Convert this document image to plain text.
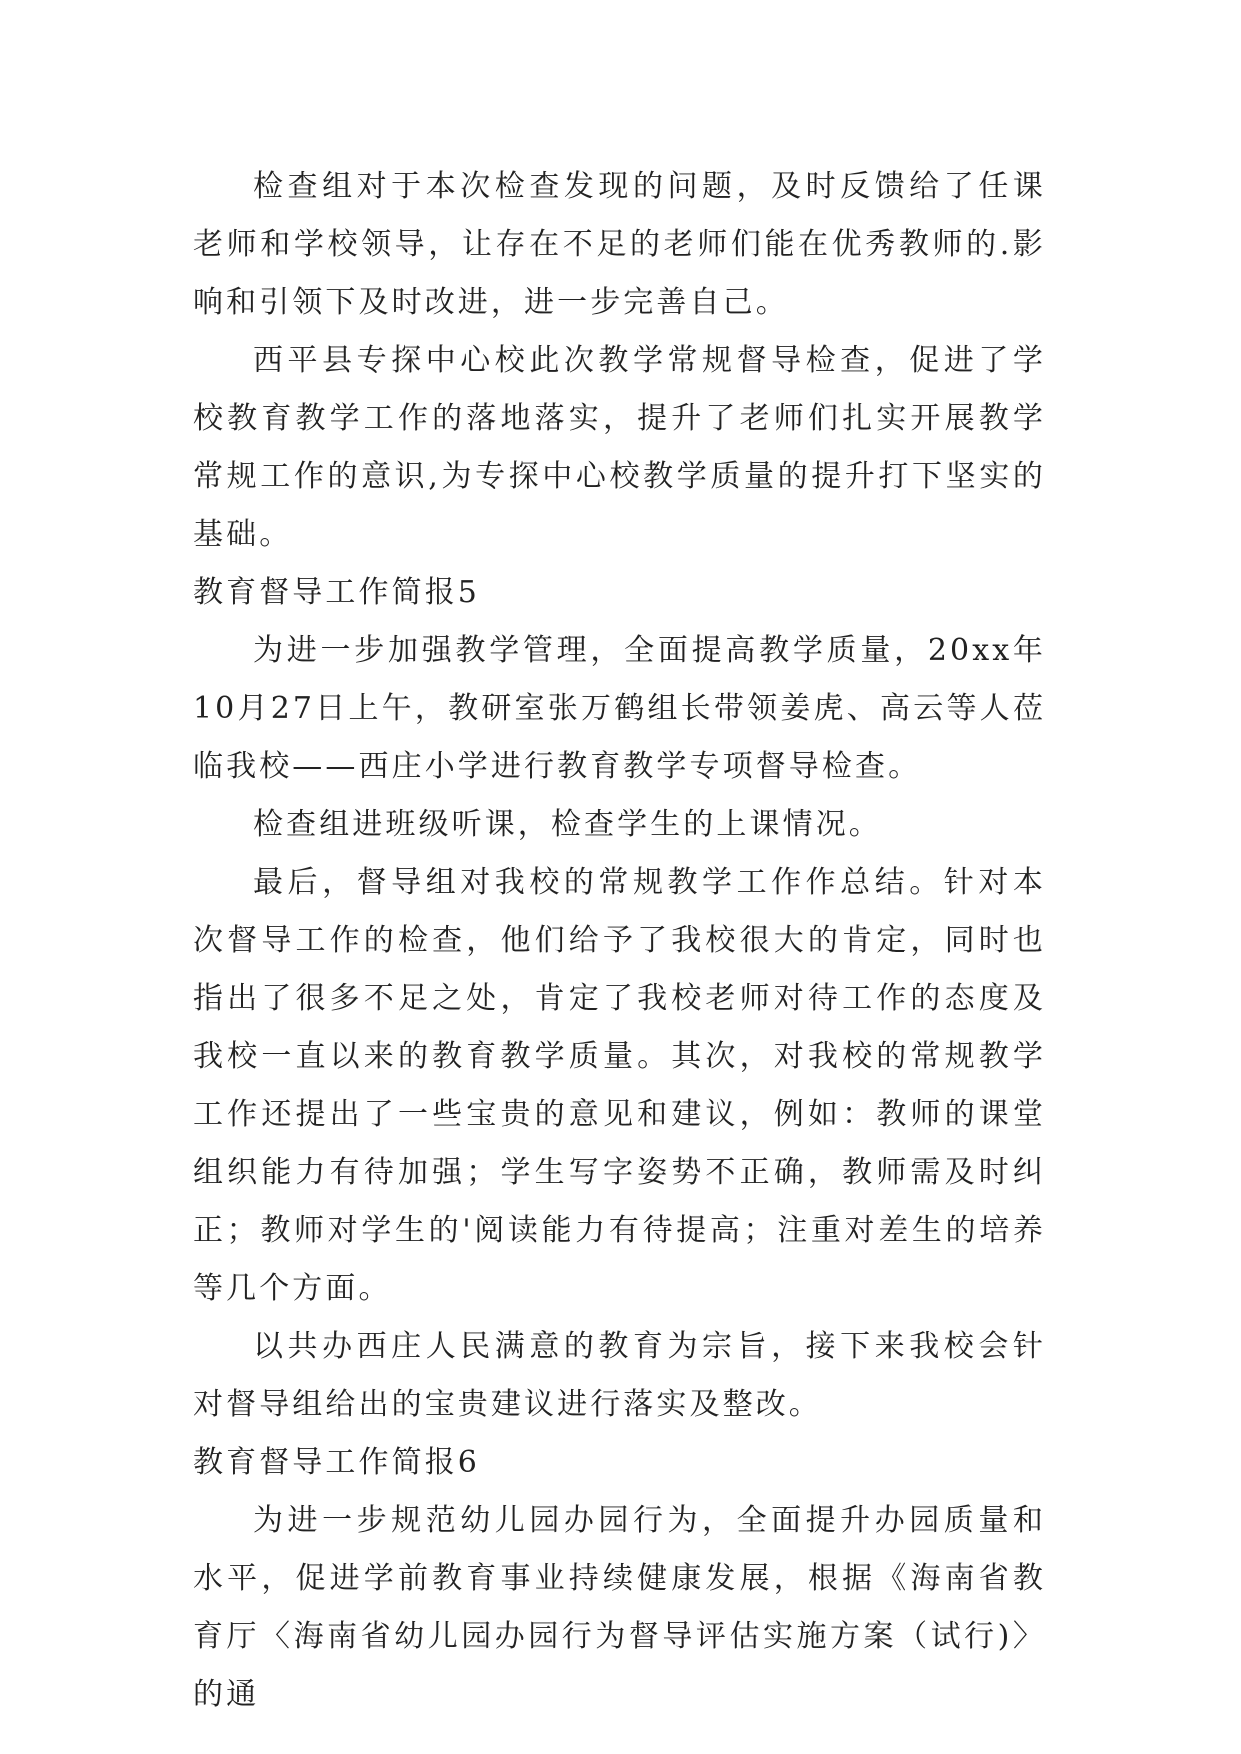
检查组对于本次检查发现的问题，及时反馈给了任课老师和学校领导，让存在不足的老师们能在优秀教师的.影响和引领下及时改进，进一步完善自己。

西平县专探中心校此次教学常规督导检查，促进了学校教育教学工作的落地落实，提升了老师们扎实开展教学常规工作的意识,为专探中心校教学质量的提升打下坚实的基础。

教育督导工作简报5

为进一步加强教学管理，全面提高教学质量，20xx年10月27日上午，教研室张万鹤组长带领姜虎、高云等人莅临我校——西庄小学进行教育教学专项督导检查。

检查组进班级听课，检查学生的上课情况。

最后，督导组对我校的常规教学工作作总结。针对本次督导工作的检查，他们给予了我校很大的肯定，同时也指出了很多不足之处，肯定了我校老师对待工作的态度及我校一直以来的教育教学质量。其次，对我校的常规教学工作还提出了一些宝贵的意见和建议，例如：教师的课堂组织能力有待加强；学生写字姿势不正确，教师需及时纠正；教师对学生的'阅读能力有待提高；注重对差生的培养等几个方面。

以共办西庄人民满意的教育为宗旨，接下来我校会针对督导组给出的宝贵建议进行落实及整改。

教育督导工作简报6

为进一步规范幼儿园办园行为，全面提升办园质量和水平，促进学前教育事业持续健康发展，根据《海南省教育厅〈海南省幼儿园办园行为督导评估实施方案（试行)〉的通
